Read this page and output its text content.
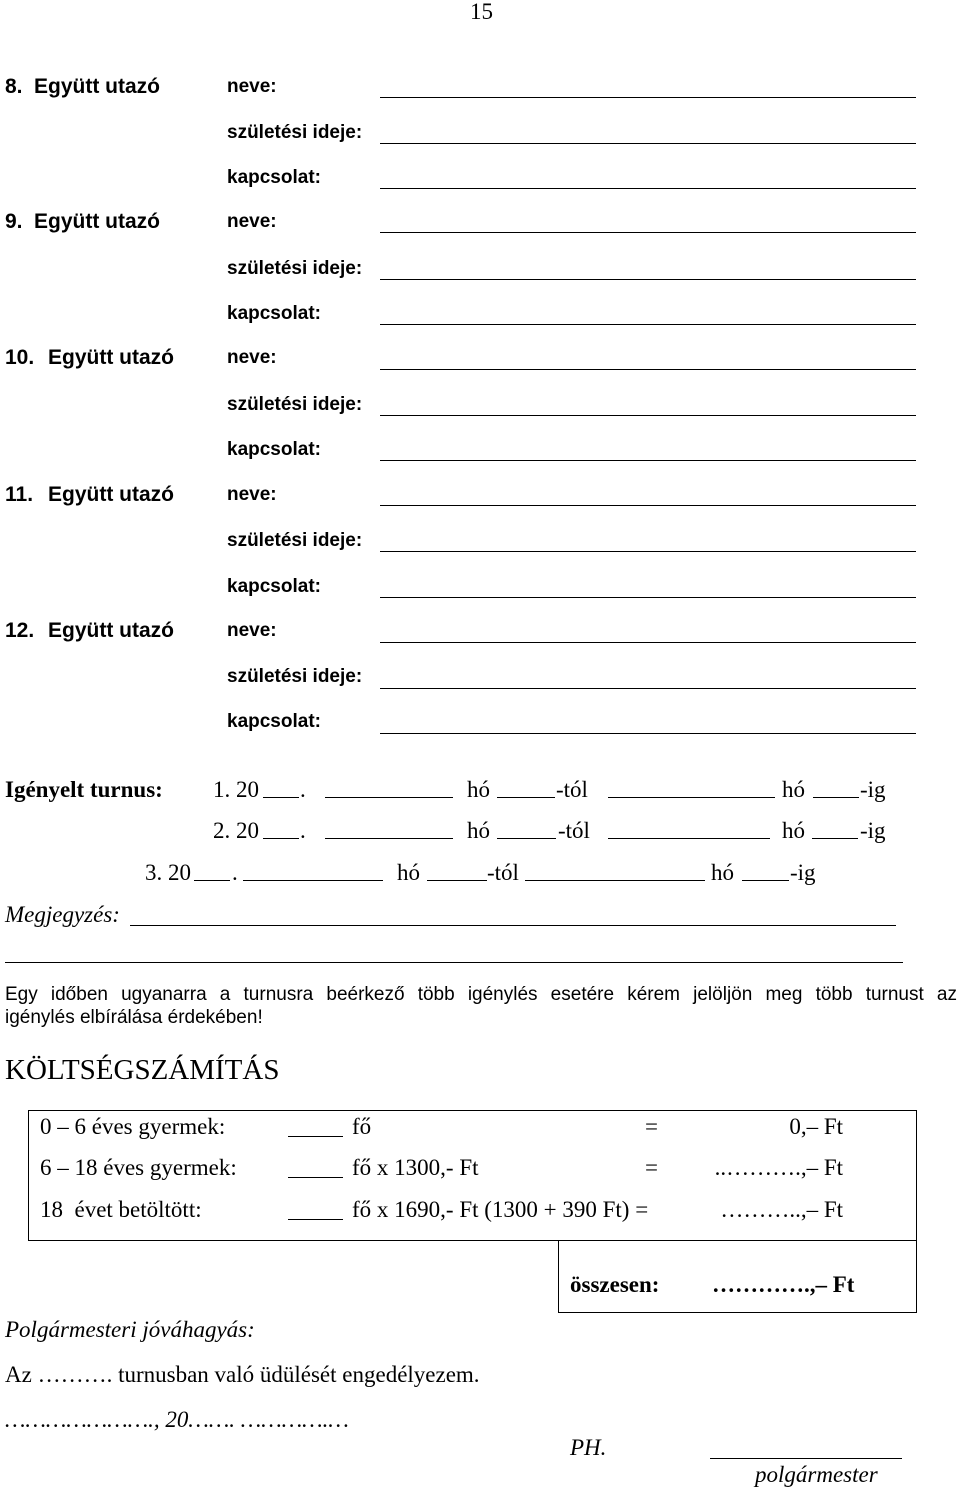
15
8. Együtt utazó	neve:
születési ideje:
kapcsolat:
9. Együtt utazó	neve:
születési ideje:
kapcsolat:
10. Együtt utazó	neve:
születési ideje:
kapcsolat:
11. Együtt utazó	neve:
születési ideje:
kapcsolat:
12. Együtt utazó	neve:
születési ideje:
kapcsolat:
Igényelt turnus: 1. 20 .	hó	-tól	hó -ig
2. 20 .	hó	-tól	hó -ig
3. 20 .	hó	-tól	hó -ig
Megjegyzés:
Egy időben ugyanarra a turnusra beérkező több igénylés esetére kérem jelöljön meg több turnust az
igénylés elbírálása érdekében!
KÖLTSÉGSZÁMÍTÁS
0 – 6 éves gyermek:	fő	=	0,– Ft
6 – 18 éves gyermek:	fő x 1300,- Ft	= ..……….,– Ft
18  évet betöltött:	fő x 1690,- Ft (1300 + 390 Ft) =	………..,– Ft
összesen: ………….,– Ft
Polgármesteri jóváhagyás:
Az ………. turnusban való üdülését engedélyezem.
…………………., 20……. ………….…
PH.
polgármester
